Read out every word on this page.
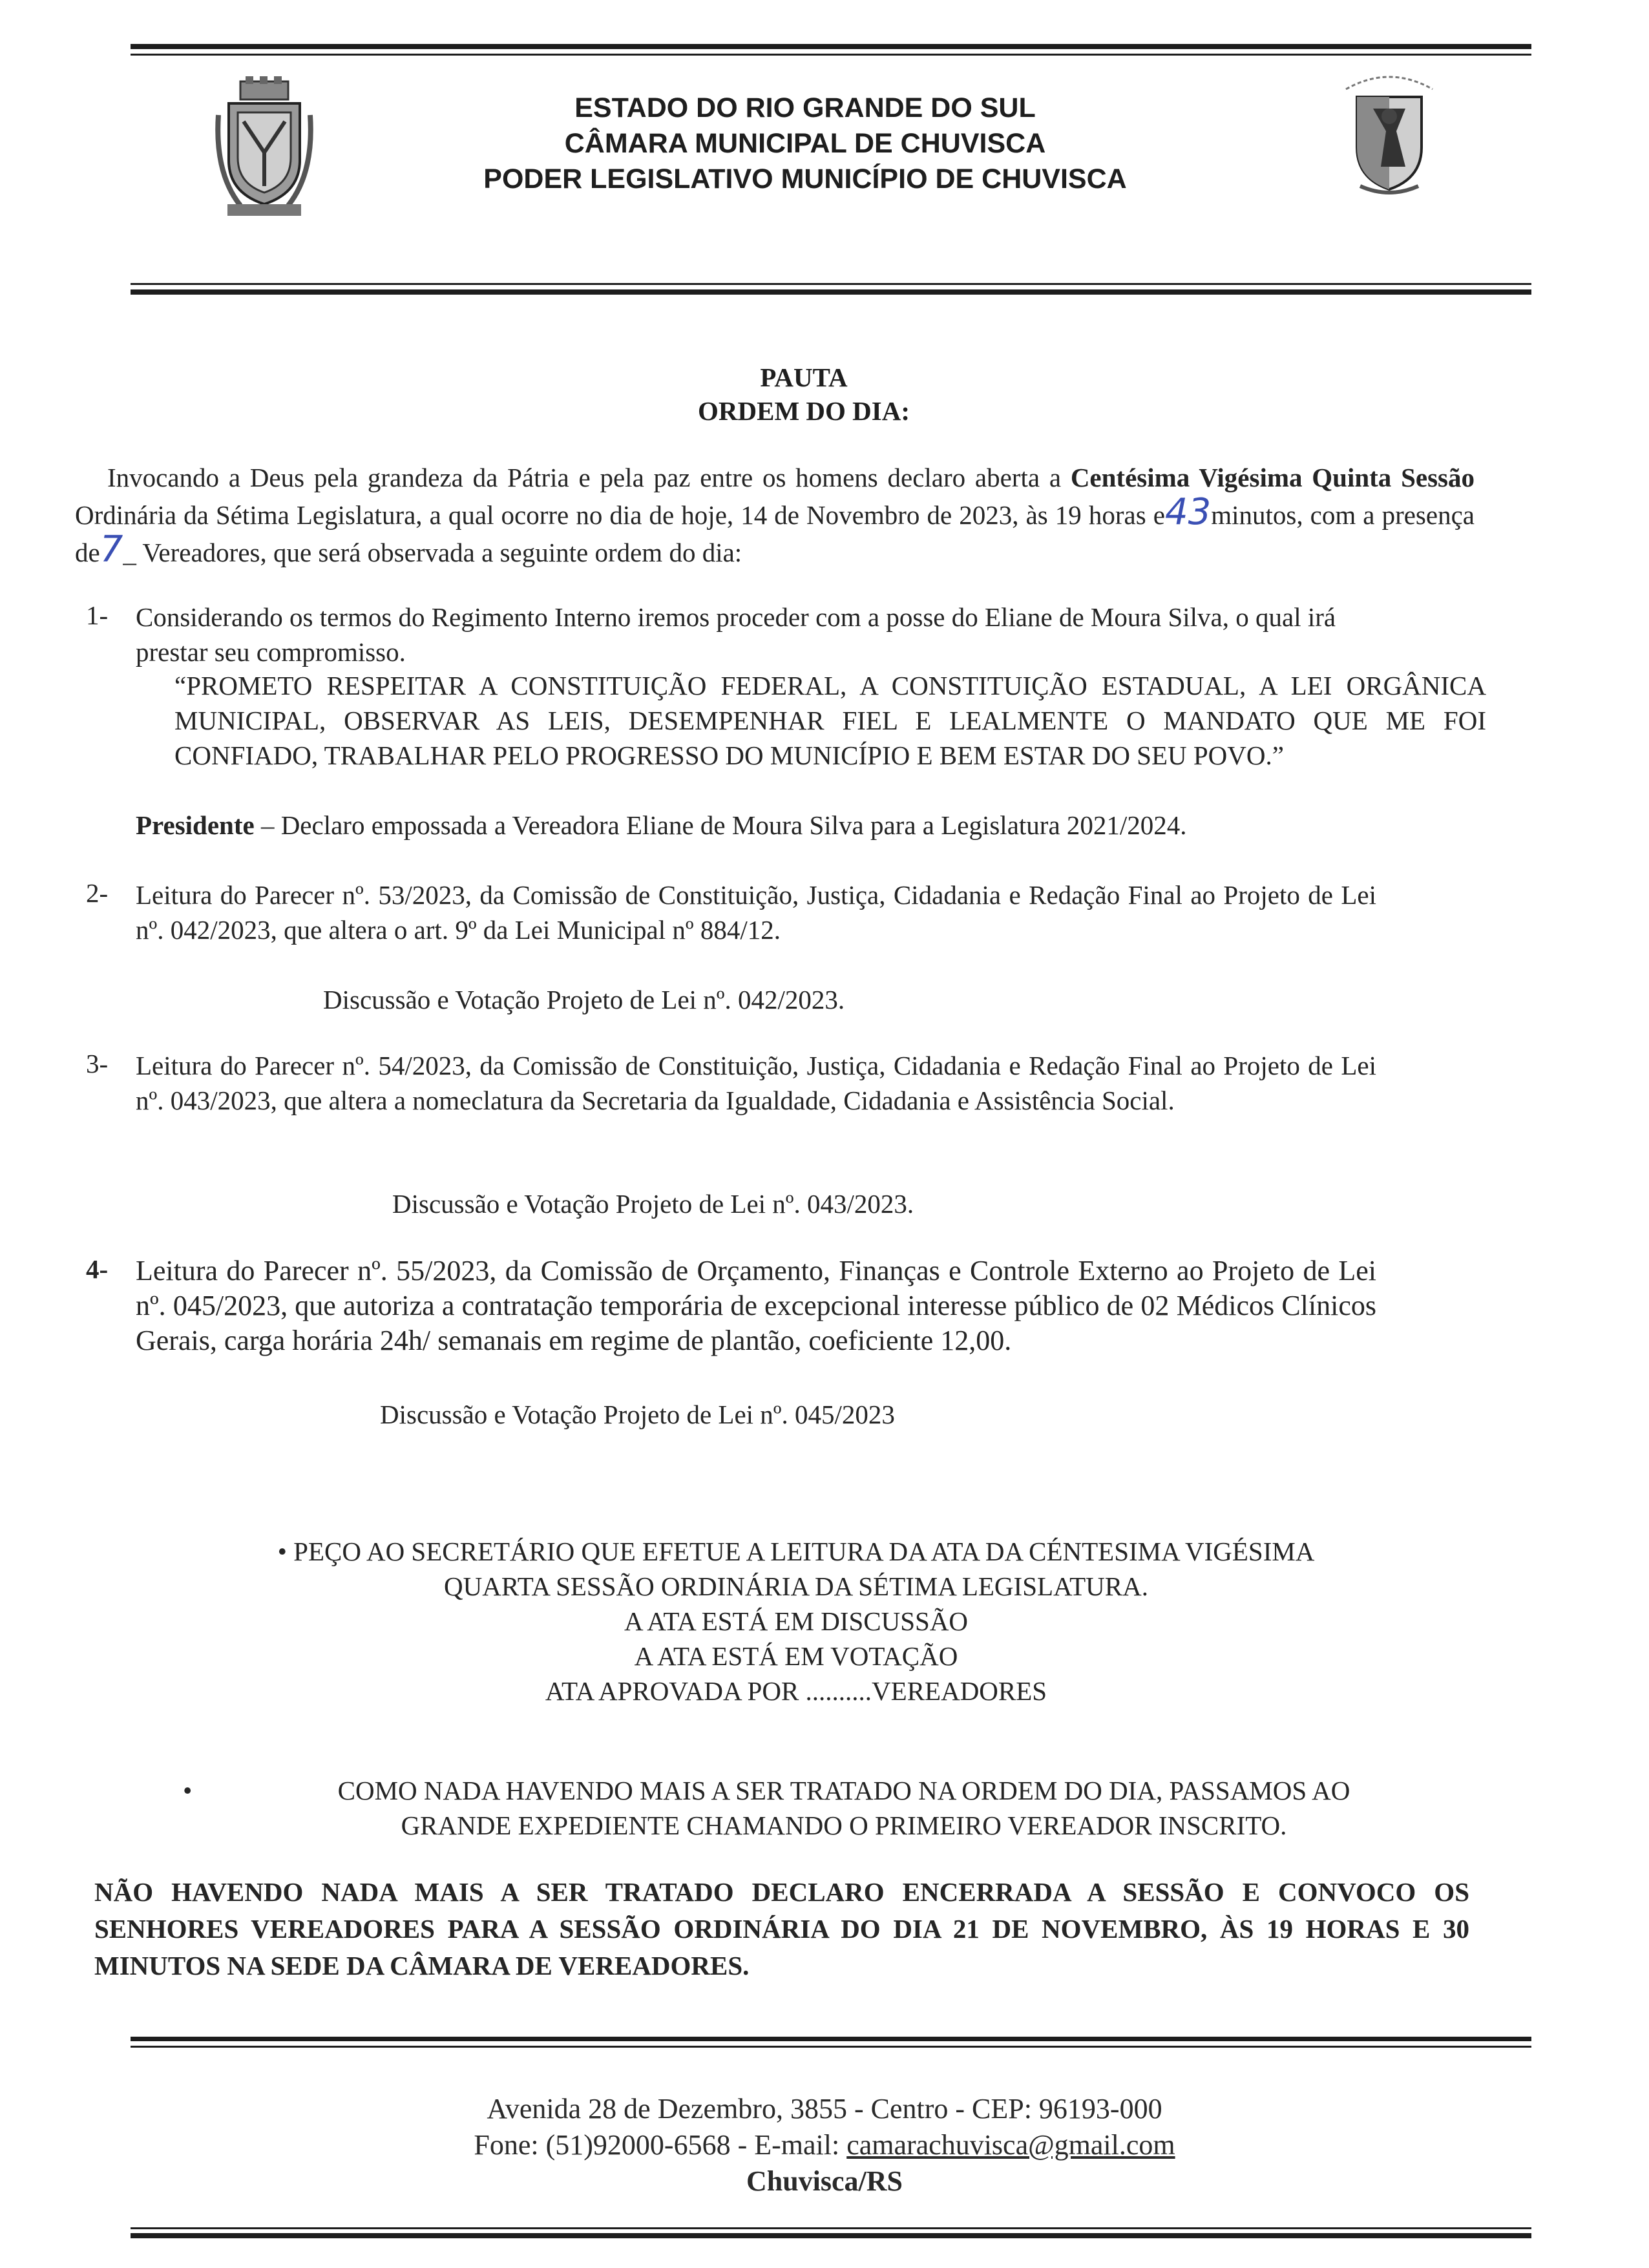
ESTADO DO RIO GRANDE DO SUL
CÂMARA MUNICIPAL DE CHUVISCA
PODER LEGISLATIVO MUNICÍPIO DE CHUVISCA
PAUTA
ORDEM DO DIA:
Invocando a Deus pela grandeza da Pátria e pela paz entre os homens declaro aberta a Centésima Vigésima Quinta Sessão Ordinária da Sétima Legislatura, a qual ocorre no dia de hoje, 14 de Novembro de 2023, às 19 horas e43minutos, com a presença de7_ Vereadores, que será observada a seguinte ordem do dia:
1- Considerando os termos do Regimento Interno iremos proceder com a posse do Eliane de Moura Silva, o qual irá prestar seu compromisso.
“PROMETO RESPEITAR A CONSTITUIÇÃO FEDERAL, A CONSTITUIÇÃO ESTADUAL, A LEI ORGÂNICA MUNICIPAL, OBSERVAR AS LEIS, DESEMPENHAR FIEL E LEALMENTE O MANDATO QUE ME FOI CONFIADO, TRABALHAR PELO PROGRESSO DO MUNICÍPIO E BEM ESTAR DO SEU POVO.”
Presidente – Declaro empossada a Vereadora Eliane de Moura Silva para a Legislatura 2021/2024.
2- Leitura do Parecer nº. 53/2023, da Comissão de Constituição, Justiça, Cidadania e Redação Final ao Projeto de Lei nº. 042/2023, que altera o art. 9º da Lei Municipal nº 884/12.
Discussão e Votação Projeto de Lei nº. 042/2023.
3- Leitura do Parecer nº. 54/2023, da Comissão de Constituição, Justiça, Cidadania e Redação Final ao Projeto de Lei nº. 043/2023, que altera a nomeclatura da Secretaria da Igualdade, Cidadania e Assistência Social.
Discussão e Votação Projeto de Lei nº. 043/2023.
4- Leitura do Parecer nº. 55/2023, da Comissão de Orçamento, Finanças e Controle Externo ao Projeto de Lei nº. 045/2023, que autoriza a contratação temporária de excepcional interesse público de 02 Médicos Clínicos Gerais, carga horária 24h/ semanais em regime de plantão, coeficiente 12,00.
Discussão e Votação Projeto de Lei nº. 045/2023
• PEÇO AO SECRETÁRIO QUE EFETUE A LEITURA DA ATA DA CÉNTESIMA VIGÉSIMA
QUARTA SESSÃO ORDINÁRIA DA SÉTIMA LEGISLATURA.
A ATA ESTÁ EM DISCUSSÃO
A ATA ESTÁ EM VOTAÇÃO
ATA APROVADA POR ..........VEREADORES
•	COMO NADA HAVENDO MAIS A SER TRATADO NA ORDEM DO DIA, PASSAMOS AO
GRANDE EXPEDIENTE CHAMANDO O PRIMEIRO VEREADOR INSCRITO.
NÃO HAVENDO NADA MAIS A SER TRATADO DECLARO ENCERRADA A SESSÃO E CONVOCO OS SENHORES VEREADORES PARA A SESSÃO ORDINÁRIA DO DIA 21 DE NOVEMBRO, ÀS 19 HORAS E 30 MINUTOS NA SEDE DA CÂMARA DE VEREADORES.
Avenida 28 de Dezembro, 3855 - Centro - CEP: 96193-000
Fone: (51)92000-6568 - E-mail: camarachuvisca@gmail.com
Chuvisca/RS
